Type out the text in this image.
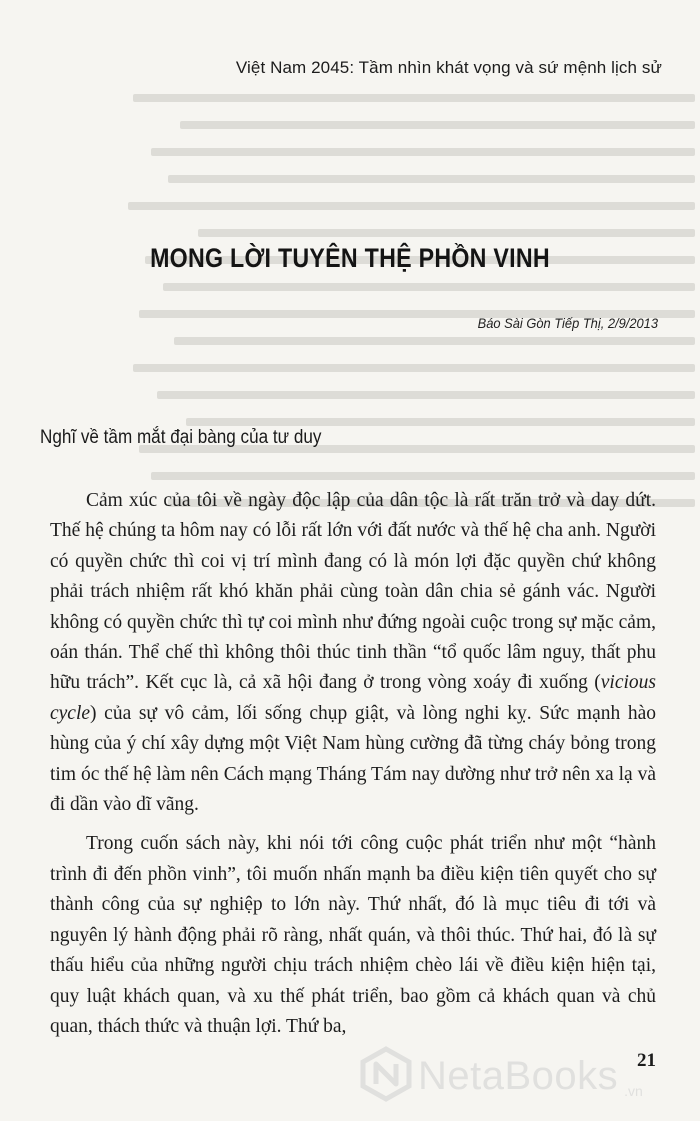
Việt Nam 2045: Tầm nhìn khát vọng và sứ mệnh lịch sử
MONG LỜI TUYÊN THỆ PHỒN VINH
Báo Sài Gòn Tiếp Thị, 2/9/2013
Nghĩ về tầm mắt đại bàng của tư duy

Cảm xúc của tôi về ngày độc lập của dân tộc là rất trăn trở và day dứt. Thế hệ chúng ta hôm nay có lỗi rất lớn với đất nước và thế hệ cha anh. Người có quyền chức thì coi vị trí mình đang có là món lợi đặc quyền chứ không phải trách nhiệm rất khó khăn phải cùng toàn dân chia sẻ gánh vác. Người không có quyền chức thì tự coi mình như đứng ngoài cuộc trong sự mặc cảm, oán thán. Thể chế thì không thôi thúc tinh thần “tổ quốc lâm nguy, thất phu hữu trách”. Kết cục là, cả xã hội đang ở trong vòng xoáy đi xuống (vicious cycle) của sự vô cảm, lối sống chụp giật, và lòng nghi kỵ. Sức mạnh hào hùng của ý chí xây dựng một Việt Nam hùng cường đã từng cháy bỏng trong tim óc thế hệ làm nên Cách mạng Tháng Tám nay dường như trở nên xa lạ và đi dần vào dĩ vãng.

Trong cuốn sách này, khi nói tới công cuộc phát triển như một “hành trình đi đến phồn vinh”, tôi muốn nhấn mạnh ba điều kiện tiên quyết cho sự thành công của sự nghiệp to lớn này. Thứ nhất, đó là mục tiêu đi tới và nguyên lý hành động phải rõ ràng, nhất quán, và thôi thúc. Thứ hai, đó là sự thấu hiểu của những người chịu trách nhiệm chèo lái về điều kiện hiện tại, quy luật khách quan, và xu thế phát triển, bao gồm cả khách quan và chủ quan, thách thức và thuận lợi. Thứ ba,

21
NetaBooks .vn
